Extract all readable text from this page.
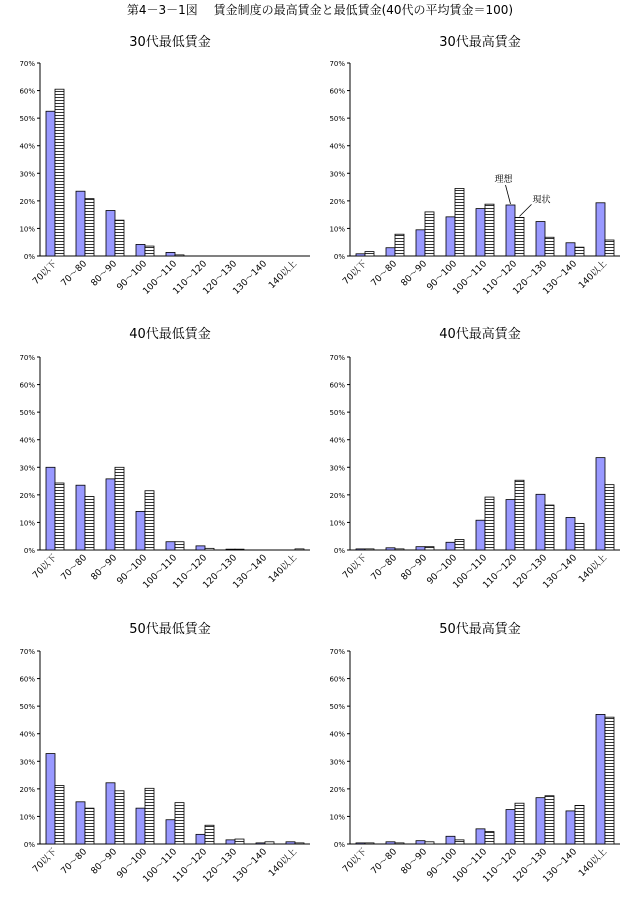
第4－3－1図　 賃金制度の最高賃金と最低賃金(40代の平均賃金＝100)
30代最低賃金
0%
10%
20%
30%
40%
50%
60%
70%
70以下 70～80 80～90
90～100
100～110
110～120
120～130
130～140
140以上
30代最高賃金
0%
10%
20%
30%
40%
50%
60%
70%
70以下 70～80 80～90
90～100
100～110
110～120
120～130
130～140
140以上
理想
現状
40代最低賃金
0%
10%
20%
30%
40%
50%
60%
70%
70以下 70～80 80～90
90～100
100～110
110～120
120～130
130～140
140以上
40代最高賃金
0%
10%
20%
30%
40%
50%
60%
70%
70以下 70～80 80～90
90～100
100～110
110～120
120～130
130～140
140以上
50代最低賃金
0%
10%
20%
30%
40%
50%
60%
70%
70以下 70～80 80～90
90～100
100～110
110～120
120～130
130～140
140以上
50代最高賃金
0%
10%
20%
30%
40%
50%
60%
70%
70以下 70～80 80～90
90～100
100～110
110～120
120～130
130～140
140以上
